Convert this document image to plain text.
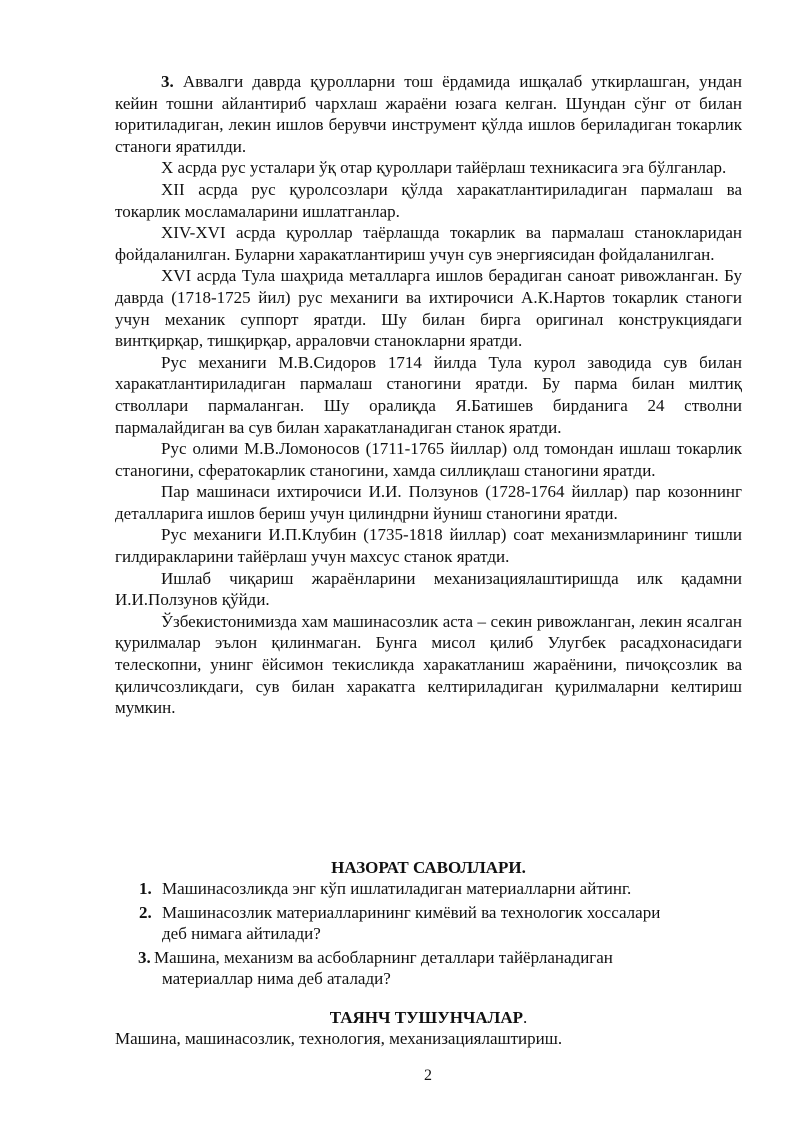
3. Аввалги даврда қуролларни тош ёрдамида ишқалаб уткирлашган, ундан кейин тошни айлантириб чархлаш жараёни юзага келган. Шундан сўнг от билан юритиладиган, лекин ишлов берувчи инструмент қўлда ишлов бериладиган токарлик станоги яратилди.

X асрда рус усталари ўқ отар қуроллари тайёрлаш техникасига эга бўлганлар.

XII асрда рус қуролсозлари қўлда харакатлантириладиган пармалаш ва токарлик мосламаларини ишлатганлар.

XIV-XVI асрда қуроллар таёрлашда токарлик ва пармалаш станокларидан фойдаланилган. Буларни харакатлантириш учун сув энергиясидан фойдаланилган.

XVI асрда Тула шаҳрида металларга ишлов берадиган саноат ривожланган. Бу даврда (1718-1725 йил) рус механиги ва ихтирочиси А.К.Нартов токарлик станоги учун механик суппорт яратди. Шу билан бирга оригинал конструкциядаги винтқирқар, тишқирқар, арраловчи станокларни яратди.

Рус механиги М.В.Сидоров 1714 йилда Тула курол заводида сув билан харакатлантириладиган пармалаш станогини яратди. Бу парма билан милтиқ стволлари пармаланган. Шу оралиқда Я.Батишев бирданига 24 стволни пармалайдиган ва сув билан харакатланадиган станок яратди.

Рус олими М.В.Ломоносов (1711-1765 йиллар) олд томондан ишлаш токарлик станогини, сфератокарлик станогини, хамда силлиқлаш станогини яратди.

Пар машинаси ихтирочиси И.И. Ползунов (1728-1764 йиллар) пар козоннинг деталларига ишлов бериш учун цилиндрни йуниш станогини яратди.

Рус механиги И.П.Клубин (1735-1818 йиллар) соат механизмларининг тишли гилдиракларини тайёрлаш учун махсус станок яратди.

Ишлаб чиқариш жараёнларини механизациялаштиришда илк қадамни И.И.Ползунов қўйди.

Ўзбекистонимизда хам машинасозлик аста – секин ривожланган, лекин ясалган қурилмалар эълон қилинмаган. Бунга мисол қилиб Улугбек расадхонасидаги телескопни, унинг ёйсимон текисликда харакатланиш жараёнини, пичоқсозлик ва қиличсозликдаги, сув билан харакатга келтириладиган қурилмаларни келтириш мумкин.

НАЗОРАТ САВОЛЛАРИ.
1. Машинасозликда энг кўп ишлатиладиган материалларни айтинг.
2. Машинасозлик материалларининг кимёвий ва технологик хоссалари
деб нимага айтилади?
3. Машина, механизм ва асбобларнинг деталлари тайёрланадиган
материаллар нима деб аталади?
ТАЯНЧ ТУШУНЧАЛАР.

Машина, машинасозлик, технология, механизациялаштириш.

2
